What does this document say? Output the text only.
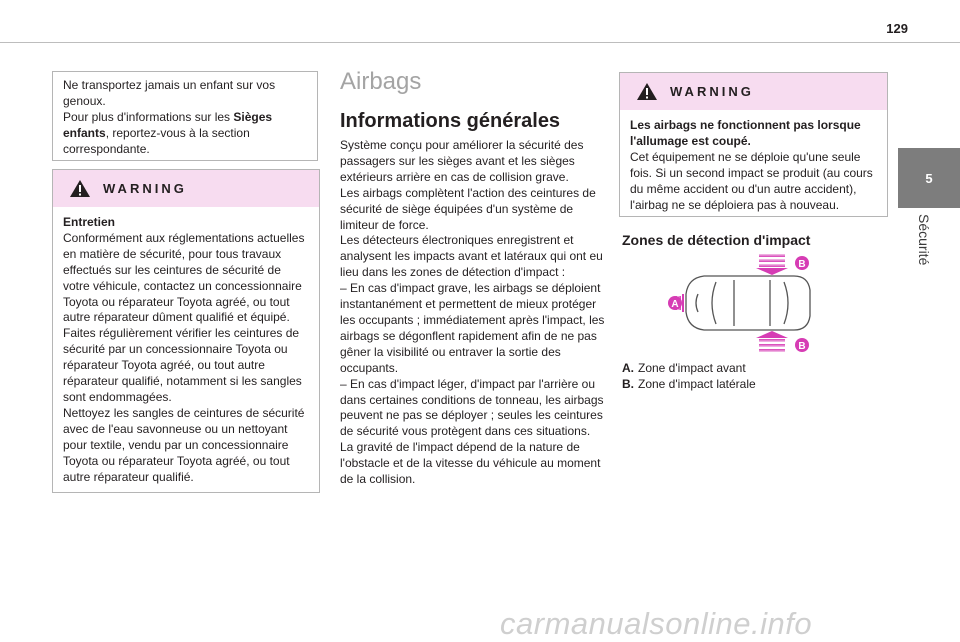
129
5
Sécurité
Ne transportez jamais un enfant sur vos genoux.
Pour plus d'informations sur les Sièges enfants, reportez-vous à la section correspondante.
WARNING
Entretien
Conformément aux réglementations actuelles en matière de sécurité, pour tous travaux effectués sur les ceintures de sécurité de votre véhicule, contactez un concessionnaire Toyota ou réparateur Toyota agréé, ou tout autre réparateur dûment qualifié et équipé.
Faites régulièrement vérifier les ceintures de sécurité par un concessionnaire Toyota ou réparateur Toyota agréé, ou tout autre réparateur qualifié, notamment si les sangles sont endommagées.
Nettoyez les sangles de ceintures de sécurité avec de l'eau savonneuse ou un nettoyant pour textile, vendu par un concessionnaire Toyota ou réparateur Toyota agréé, ou tout autre réparateur qualifié.
Airbags
Informations générales
Système conçu pour améliorer la sécurité des passagers sur les sièges avant et les sièges extérieurs arrière en cas de collision grave.
Les airbags complètent l'action des ceintures de sécurité de siège équipées d'un système de limiteur de force.
Les détecteurs électroniques enregistrent et analysent les impacts avant et latéraux qui ont eu lieu dans les zones de détection d'impact :
– En cas d'impact grave, les airbags se déploient instantanément et permettent de mieux protéger les occupants ; immédiatement après l'impact, les airbags se dégonflent rapidement afin de ne pas gêner la visibilité ou entraver la sortie des occupants.
– En cas d'impact léger, d'impact par l'arrière ou dans certaines conditions de tonneau, les airbags peuvent ne pas se déployer ; seules les ceintures de sécurité vous protègent dans ces situations.
La gravité de l'impact dépend de la nature de l'obstacle et de la vitesse du véhicule au moment de la collision.
WARNING
Les airbags ne fonctionnent pas lorsque l'allumage est coupé.
Cet équipement ne se déploie qu'une seule fois. Si un second impact se produit (au cours du même accident ou d'un autre accident), l'airbag ne se déploiera pas à nouveau.
Zones de détection d'impact
A
B
B
A. Zone d'impact avant
B. Zone d'impact latérale
carmanualsonline.info
